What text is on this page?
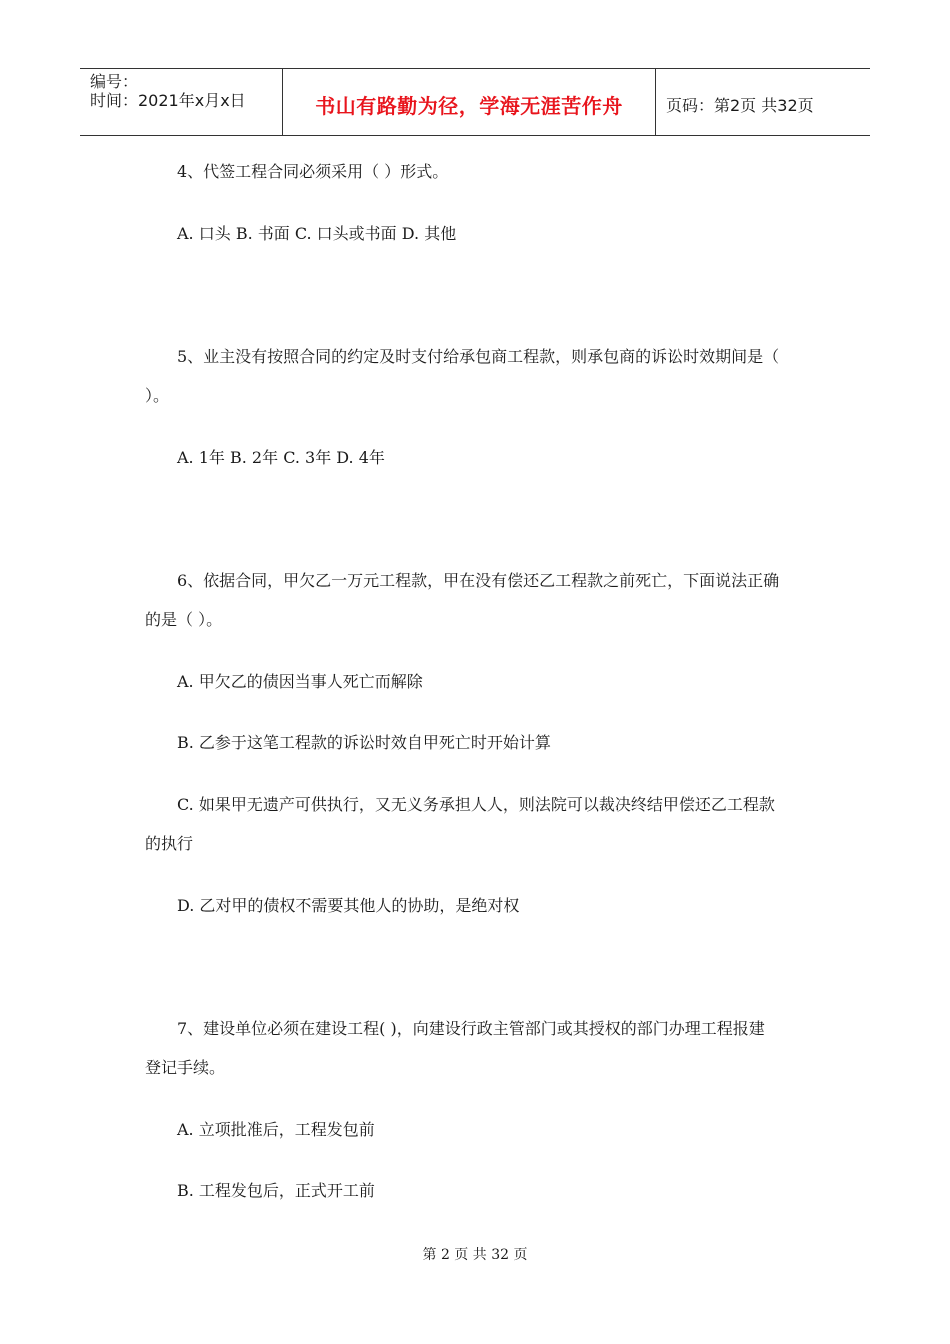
编号：
时间：2021年x月x日	书山有路勤为径，学海无涯苦作舟	页码：第2页 共32页
4、代签工程合同必须采用（ ）形式。
A. 口头 B. 书面 C. 口头或书面 D. 其他
5、业主没有按照合同的约定及时支付给承包商工程款，则承包商的诉讼时效期间是（
）。
A. 1年 B. 2年 C. 3年 D. 4年
6、依据合同，甲欠乙一万元工程款，甲在没有偿还乙工程款之前死亡，下面说法正确
的是（ ）。
A. 甲欠乙的债因当事人死亡而解除
B. 乙参于这笔工程款的诉讼时效自甲死亡时开始计算
C. 如果甲无遗产可供执行，又无义务承担人人，则法院可以裁决终结甲偿还乙工程款
的执行
D. 乙对甲的债权不需要其他人的协助，是绝对权
7、建设单位必须在建设工程( )，向建设行政主管部门或其授权的部门办理工程报建
登记手续。
A. 立项批准后，工程发包前
B. 工程发包后，正式开工前
第 2 页 共 32 页
